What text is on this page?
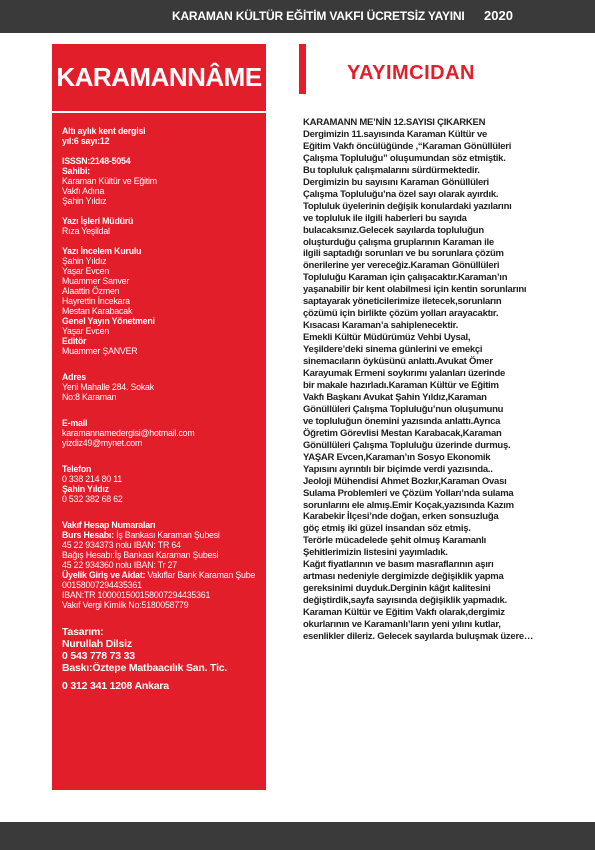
KARAMAN KÜLTÜR EĞİTİM VAKFI ÜCRETSİZ YAYINI 2020
KARAMANNÂME
Altı aylık kent dergisi
yıl:6 sayı:12
ISSSN:2148-5054
Sahibi:
Karaman Kültür ve Eğitim
Vakfı Adına
Şahin Yıldız
Yazı İşleri Müdürü
Rıza Yeşildal
Yazı İncelem Kurulu
Şahin Yıldız
Yaşar Evcen
Muammer Sanver
Alaattin Özmen
Hayrettin İncekara
Mestan Karabacak
Genel Yayın Yönetmeni
Yaşar Evcen
Editör
Muammer ŞANVER
Adres
Yeni Mahalle 284. Sokak
No:8 Karaman
E-mail
karamannamedergisi@hotmail.com
yizdiz49@mynet.com
Telefon
0 338 214 80 11
Şahin Yıldız
0 532 382 68 62
Vakıf Hesap Numaraları
Burs Hesabı: İş Bankası Karaman Şubesi
45 22 934373 nolu IBAN: TR 64
Bağış Hesabı:İş Bankası Karaman Şubesi
45 22 934360 nolu IBAN: Tr 27
Üyelik Giriş ve Aidat: Vakıflar Bank Karaman Şube
00158007294435361
IBAN:TR 10000150015800729443536​1
Vakıf Vergi Kimlik No:5180058779
Tasarım:
Nurullah Dilsiz
0 543 778 73 33
Baskı:Öztepe Matbaacılık San. Tic.
0 312 341 1208 Ankara
YAYIMCIDAN
KARAMANN ME’NİN 12.SAYISI ÇIKARKEN
Dergimizin 11.sayısında Karaman Kültür ve
Eğitim Vakfı öncülüğünde ,“Karaman Gönüllüleri
Çalışma Topluluğu” oluşumundan söz etmiştik.
Bu topluluk çalışmalarını sürdürmektedir.
Dergimizin bu sayısını Karaman Gönüllüleri
Çalışma Topluluğu’na özel sayı olarak ayırdık.
Topluluk üyelerinin değişik konulardaki yazılarını
ve topluluk ile ilgili haberleri bu sayıda
bulacaksınız.Gelecek sayılarda topluluğun
oluşturduğu çalışma gruplarının Karaman ile
ilgili saptadığı sorunları ve bu sorunlara çözüm
önerilerine yer vereceğiz.Karaman Gönüllüleri
Topluluğu Karaman için çalışacaktır.Karaman’ın
yaşanabilir bir kent olabilmesi için kentin sorunlarını
saptayarak yöneticilerimize iletecek,sorunların
çözümü için birlikte çözüm yolları arayacaktır.
Kısacası Karaman’a sahiplenecektir.
Emekli Kültür Müdürümüz Vehbi Uysal,
Yeşildere’deki sinema günlerini ve emekçi
sinemacıların öyküsünü anlattı.Avukat Ömer
Karayumak Ermeni soykırımı yalanları üzerinde
bir makale hazırladı.Karaman Kültür ve Eğitim
Vakfı Başkanı Avukat Şahin Yıldız,Karaman
Gönüllüleri Çalışma Topluluğu’nun oluşumunu
ve topluluğun önemini yazısında anlattı.Ayrıca
Öğretim Görevlisi Mestan Karabacak,Karaman
Gönüllüleri Çalışma Topluluğu üzerinde durmuş.
YAŞAR Evcen,Karaman’ın Sosyo Ekonomik
Yapısını ayrıntılı bir biçimde verdi yazısında..
Jeoloji Mühendisi Ahmet Bozkır,Karaman Ovası
Sulama Problemleri ve Çözüm Yolları’nda sulama
sorunlarını ele almış.Emir Koçak,yazısında Kazım
Karabekir İlçesi’nde doğan, erken sonsuzluğa
göç etmiş iki güzel insandan söz etmiş.
Terörle mücadelede şehit olmuş Karamanlı
Şehitlerimizin listesini yayımladık.
Kağıt fiyatlarının ve basım masraflarının aşırı
artması nedeniyle dergimizde değişiklik yapma
gereksinimi duyduk.Derginin kâğıt kalitesini
değiştirdik,sayfa sayısında değişiklik yapmadık.
Karaman Kültür ve Eğitim Vakfı olarak,dergimiz
okurlarının ve Karamanlı’ların yeni yılını kutlar,
esenlikler dileriz. Gelecek sayılarda buluşmak üzere…
